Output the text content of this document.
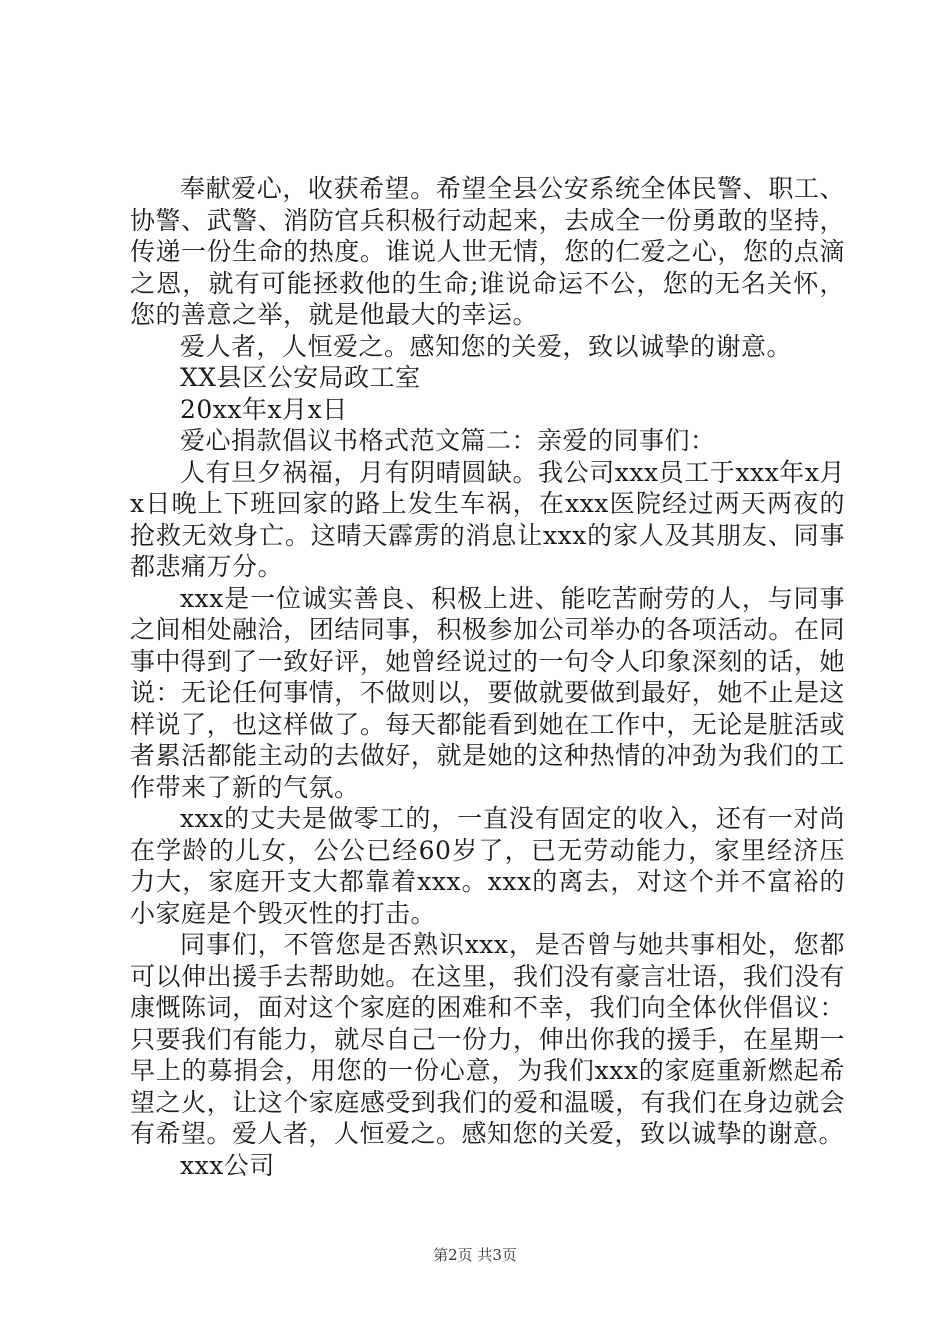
奉献爱心，收获希望。希望全县公安系统全体民警、职工、协警、武警、消防官兵积极行动起来，去成全一份勇敢的坚持，传递一份生命的热度。谁说人世无情，您的仁爱之心，您的点滴之恩，就有可能拯救他的生命;谁说命运不公，您的无名关怀，您的善意之举，就是他最大的幸运。

爱人者，人恒爱之。感知您的关爱，致以诚挚的谢意。

XX县区公安局政工室

20xx年x月x日

爱心捐款倡议书格式范文篇二：亲爱的同事们：

人有旦夕祸福，月有阴晴圆缺。我公司xxx员工于xxx年x月x日晚上下班回家的路上发生车祸，在xxx医院经过两天两夜的抢救无效身亡。这晴天霹雳的消息让xxx的家人及其朋友、同事都悲痛万分。

xxx是一位诚实善良、积极上进、能吃苦耐劳的人，与同事之间相处融洽，团结同事，积极参加公司举办的各项活动。在同事中得到了一致好评，她曾经说过的一句令人印象深刻的话，她说：无论任何事情，不做则以，要做就要做到最好，她不止是这样说了，也这样做了。每天都能看到她在工作中，无论是脏活或者累活都能主动的去做好，就是她的这种热情的冲劲为我们的工作带来了新的气氛。

xxx的丈夫是做零工的，一直没有固定的收入，还有一对尚在学龄的儿女，公公已经60岁了，已无劳动能力，家里经济压力大，家庭开支大都靠着xxx。xxx的离去，对这个并不富裕的小家庭是个毁灭性的打击。

同事们，不管您是否熟识xxx，是否曾与她共事相处，您都可以伸出援手去帮助她。在这里，我们没有豪言壮语，我们没有康慨陈词，面对这个家庭的困难和不幸，我们向全体伙伴倡议：只要我们有能力，就尽自己一份力，伸出你我的援手，在星期一早上的募捐会，用您的一份心意，为我们xxx的家庭重新燃起希望之火，让这个家庭感受到我们的爱和温暖，有我们在身边就会有希望。爱人者，人恒爱之。感知您的关爱，致以诚挚的谢意。

xxx公司

第2页 共3页
